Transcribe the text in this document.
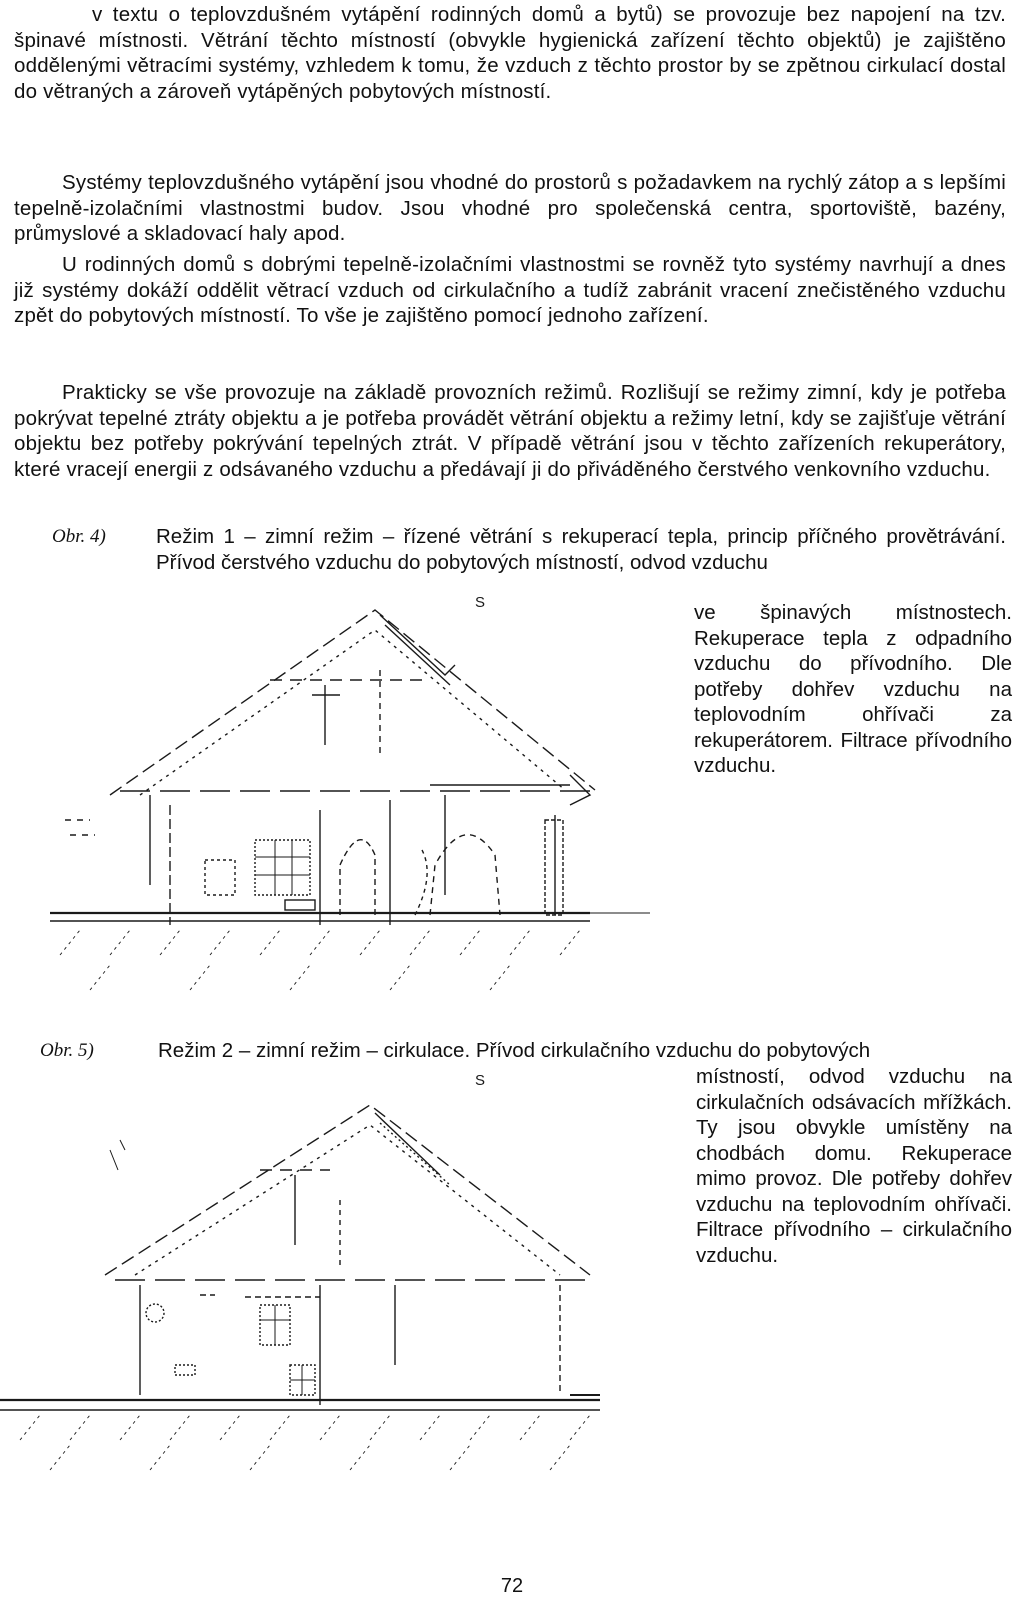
v textu o teplovzdušném vytápění rodinných domů a bytů) se provozuje bez napojení na tzv. špinavé místnosti. Větrání těchto místností (obvykle hygienická zařízení těchto objektů) je zajištěno oddělenými větracími systémy, vzhledem k tomu, že vzduch z těchto prostor by se zpětnou cirkulací dostal do větraných a zároveň vytápěných pobytových místností.

Systémy teplovzdušného vytápění jsou vhodné do prostorů s požadavkem na rychlý zátop a s lepšími tepelně-izolačními vlastnostmi budov. Jsou vhodné pro společenská centra, sportoviště, bazény, průmyslové a skladovací haly apod.

U rodinných domů s dobrými tepelně-izolačními vlastnostmi se rovněž tyto systémy navrhují a dnes již systémy dokáží oddělit větrací vzduch od cirkulačního a tudíž zabránit vracení znečistěného vzduchu zpět do pobytových místností. To vše je zajištěno pomocí jednoho zařízení.

Prakticky se vše provozuje na základě provozních režimů. Rozlišují se režimy zimní, kdy je potřeba pokrývat tepelné ztráty objektu a je potřeba provádět větrání objektu a režimy letní, kdy se zajišťuje větrání objektu bez potřeby pokrývání tepelných ztrát. V případě větrání jsou v těchto zařízeních rekuperátory, které vracejí energii z odsávaného vzduchu a předávají ji do přiváděného čerstvého venkovního vzduchu.

Obr. 4) Režim 1 – zimní režim – řízené větrání s rekuperací tepla, princip příčného provětrávání. Přívod čerstvého vzduchu do pobytových místností, odvod vzduchu

ve špinavých místnostech. Rekuperace tepla z odpadního vzduchu do přívodního. Dle potřeby dohřev vzduchu na teplovodním ohřívači za rekuperátorem. Filtrace přívodního vzduchu.

S
Obr. 5)	Režim 2 – zimní režim – cirkulace. Přívod cirkulačního vzduchu do pobytových

místností, odvod vzduchu na cirkulačních odsávacích mřížkách. Ty jsou obvykle umístěny na chodbách domu. Rekuperace mimo provoz. Dle potřeby dohřev vzduchu na teplovodním ohřívači. Filtrace přívodního – cirkulačního vzduchu.

S
72
